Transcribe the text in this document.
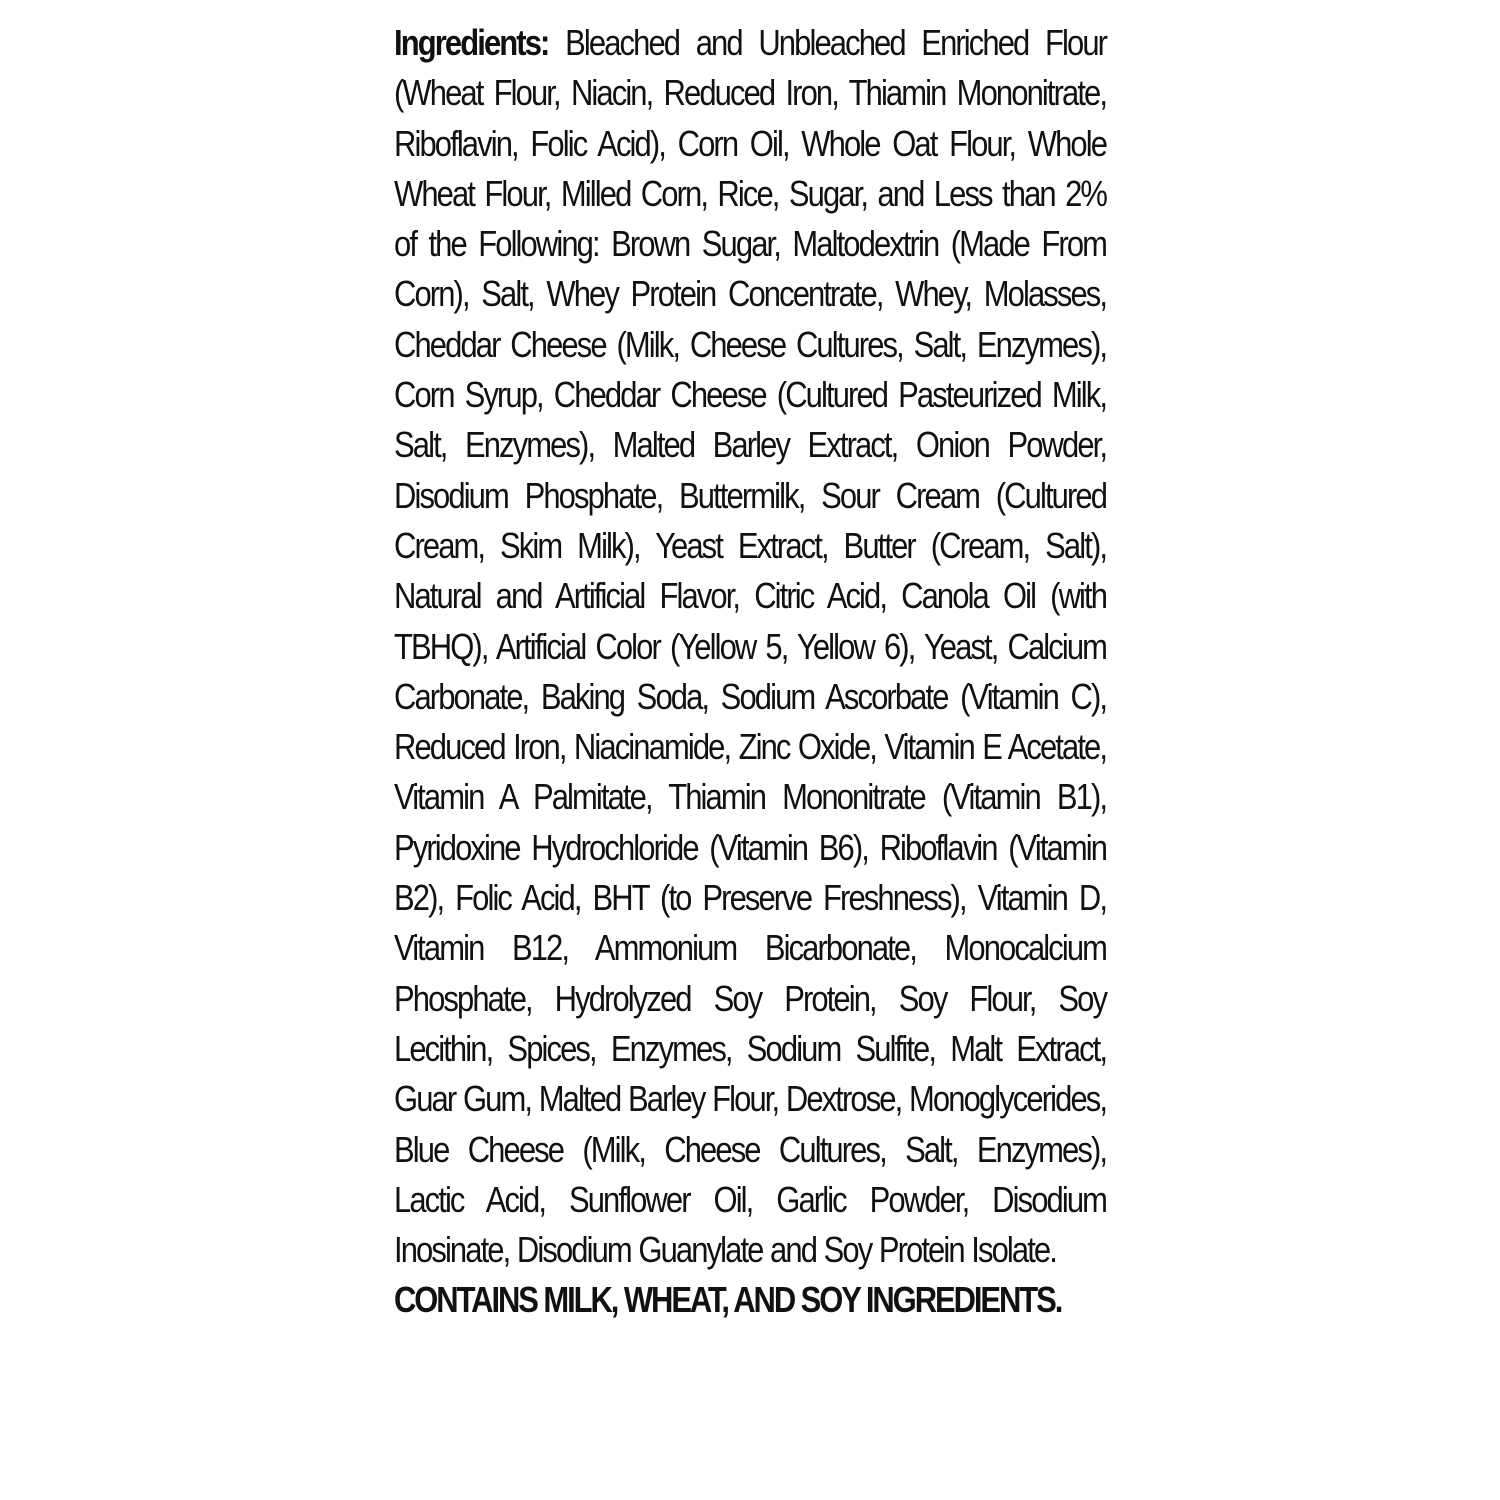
Ingredients: Bleached and Unbleached Enriched Flour (Wheat Flour, Niacin, Reduced Iron, Thiamin Mononitrate, Riboflavin, Folic Acid), Corn Oil, Whole Oat Flour, Whole Wheat Flour, Milled Corn, Rice, Sugar, and Less than 2% of the Following: Brown Sugar, Maltodextrin (Made From Corn), Salt, Whey Protein Concentrate, Whey, Molasses, Cheddar Cheese (Milk, Cheese Cultures, Salt, Enzymes), Corn Syrup, Cheddar Cheese (Cultured Pasteurized Milk, Salt, Enzymes), Malted Barley Extract, Onion Powder, Disodium Phosphate, Buttermilk, Sour Cream (Cultured Cream, Skim Milk), Yeast Extract, Butter (Cream, Salt), Natural and Artificial Flavor, Citric Acid, Canola Oil (with TBHQ), Artificial Color (Yellow 5, Yellow 6), Yeast, Calcium Carbonate, Baking Soda, Sodium Ascorbate (Vitamin C), Reduced Iron, Niacinamide, Zinc Oxide, Vitamin E Acetate, Vitamin A Palmitate, Thiamin Mononitrate (Vitamin B1), Pyridoxine Hydrochloride (Vitamin B6), Riboflavin (Vitamin B2), Folic Acid, BHT (to Preserve Freshness), Vitamin D, Vitamin B12, Ammonium Bicarbonate, Monocalcium Phosphate, Hydrolyzed Soy Protein, Soy Flour, Soy Lecithin, Spices, Enzymes, Sodium Sulfite, Malt Extract, Guar Gum, Malted Barley Flour, Dextrose, Monoglycerides, Blue Cheese (Milk, Cheese Cultures, Salt, Enzymes), Lactic Acid, Sunflower Oil, Garlic Powder, Disodium Inosinate, Disodium Guanylate and Soy Protein Isolate.

CONTAINS MILK, WHEAT, AND SOY INGREDIENTS.
